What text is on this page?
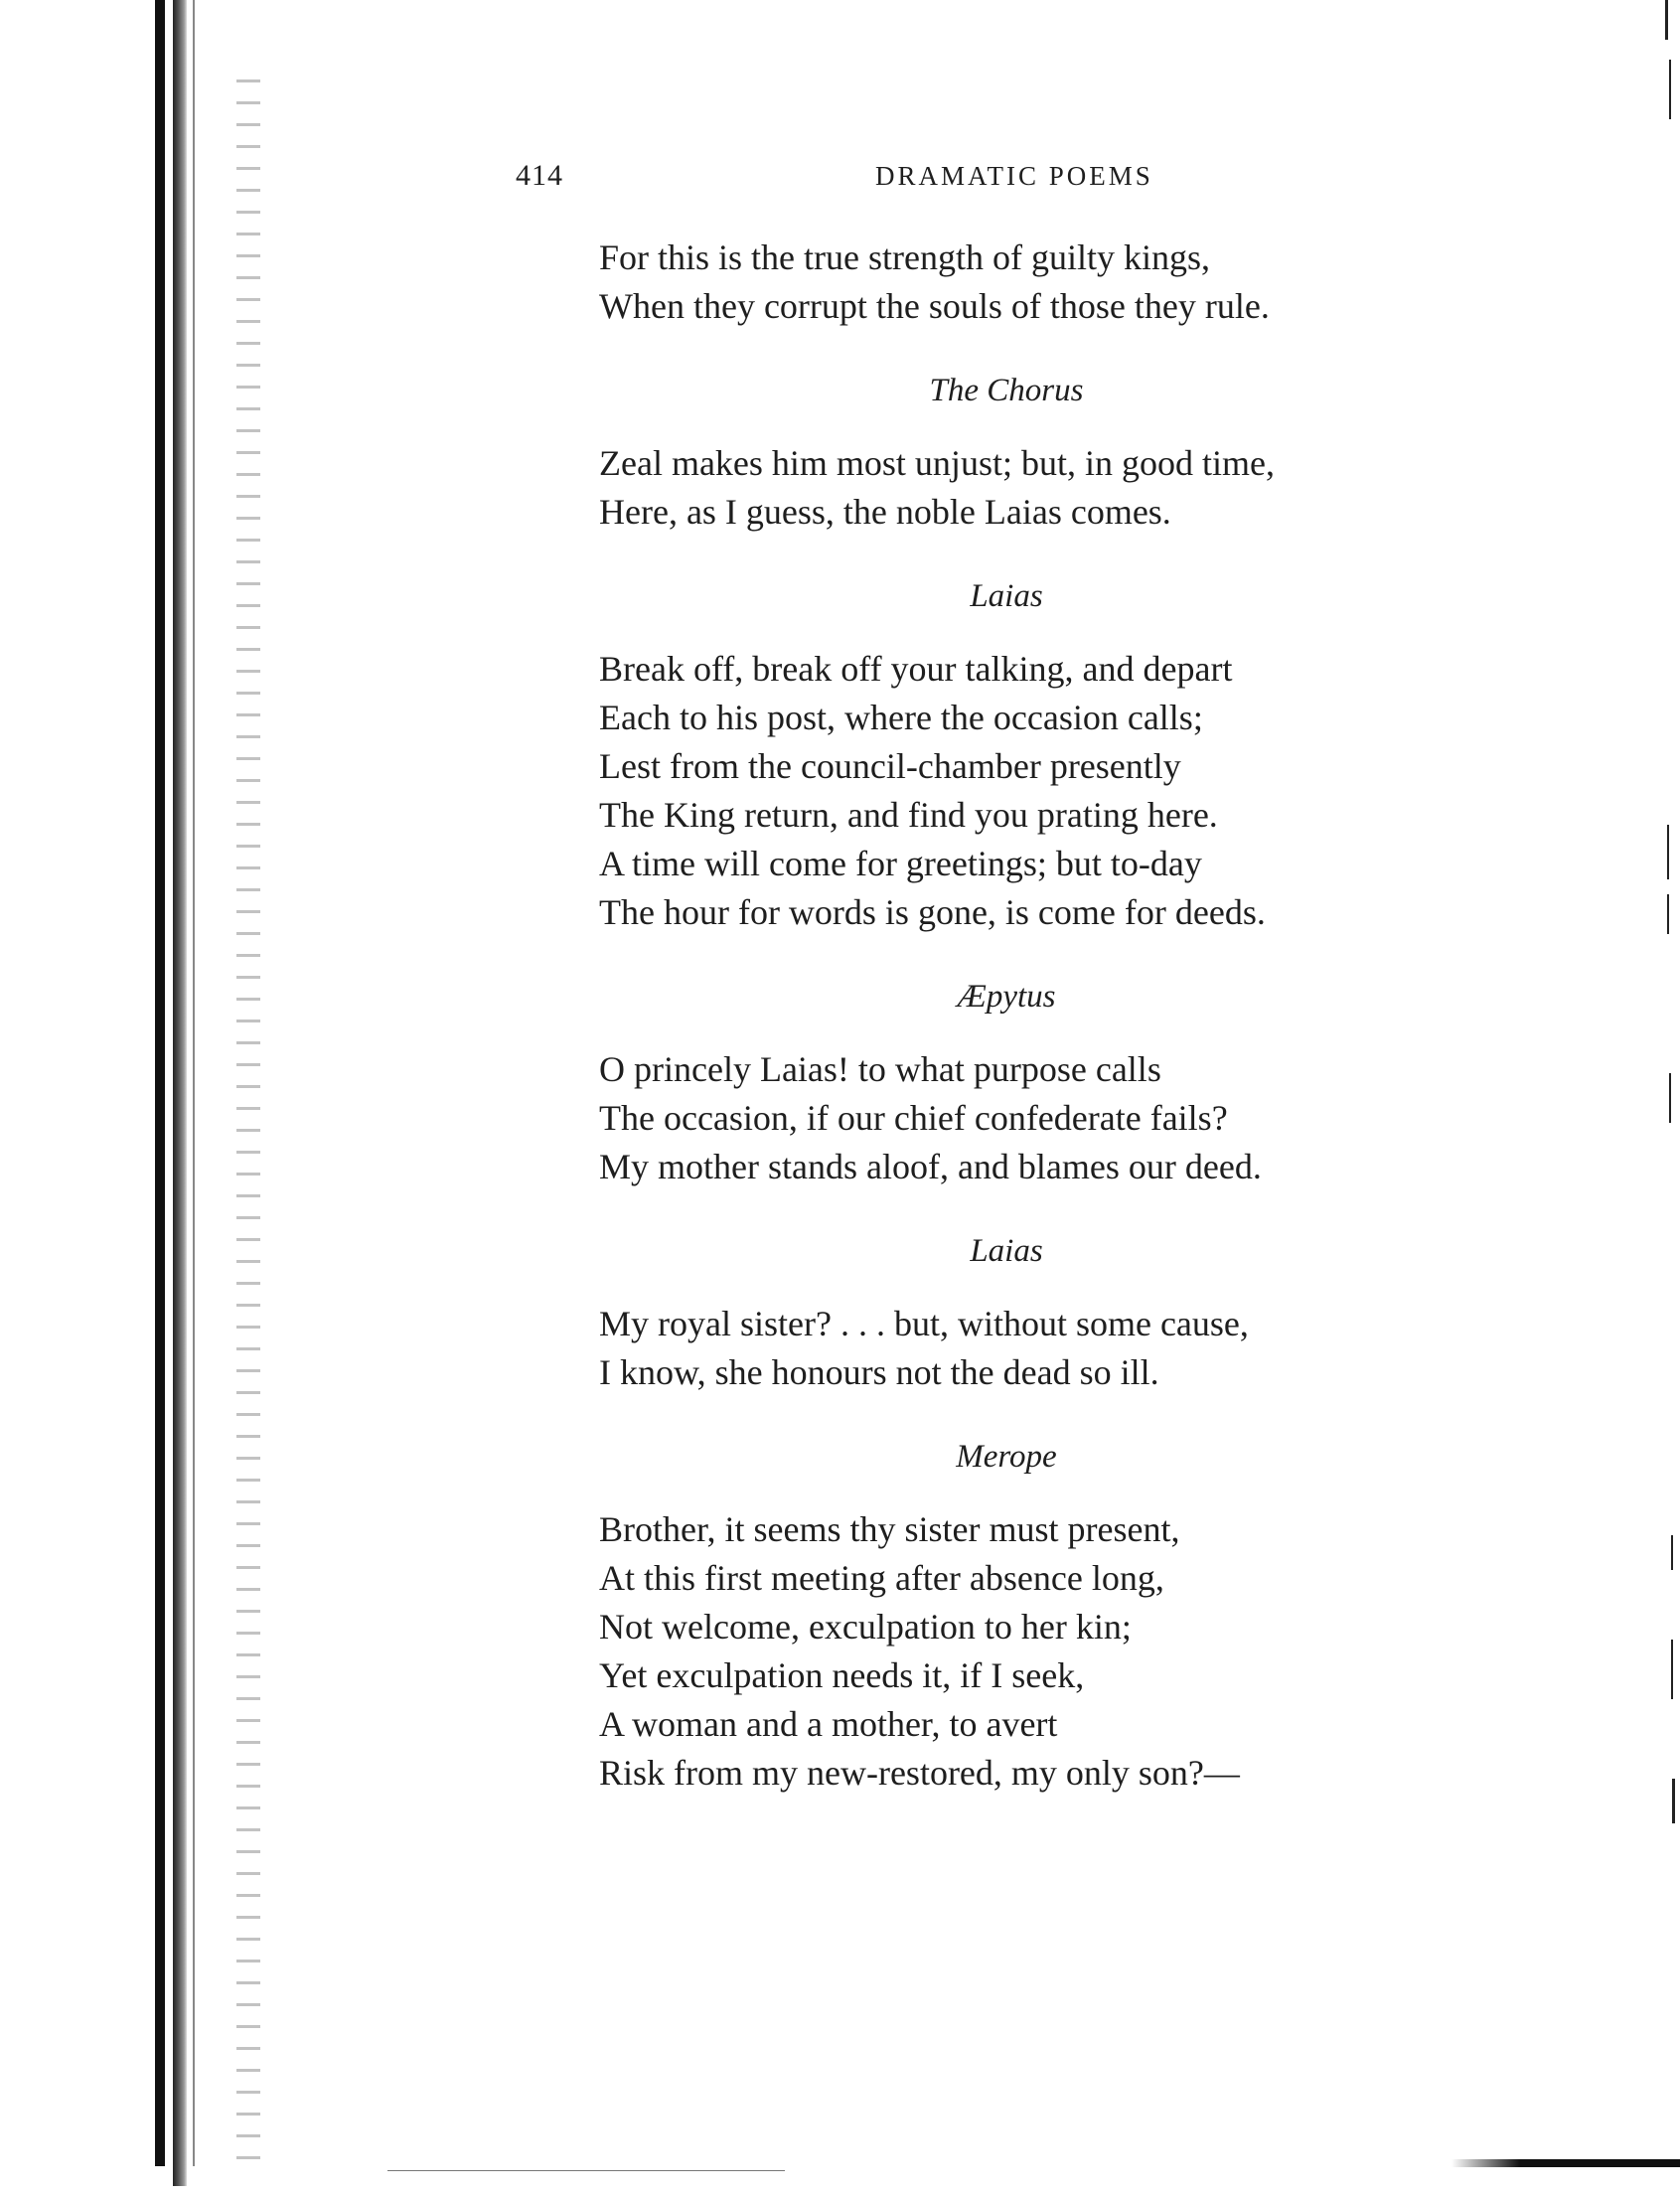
414	DRAMATIC POEMS
For this is the true strength of guilty kings,
When they corrupt the souls of those they rule.
The Chorus
Zeal makes him most unjust; but, in good time,
Here, as I guess, the noble Laias comes.
Laias
Break off, break off your talking, and depart
Each to his post, where the occasion calls;
Lest from the council-chamber presently
The King return, and find you prating here.
A time will come for greetings; but to-day
The hour for words is gone, is come for deeds.
Æpytus
O princely Laias! to what purpose calls
The occasion, if our chief confederate fails?
My mother stands aloof, and blames our deed.
Laias
My royal sister? . . . but, without some cause,
I know, she honours not the dead so ill.
Merope
Brother, it seems thy sister must present,
At this first meeting after absence long,
Not welcome, exculpation to her kin;
Yet exculpation needs it, if I seek,
A woman and a mother, to avert
Risk from my new-restored, my only son?—
